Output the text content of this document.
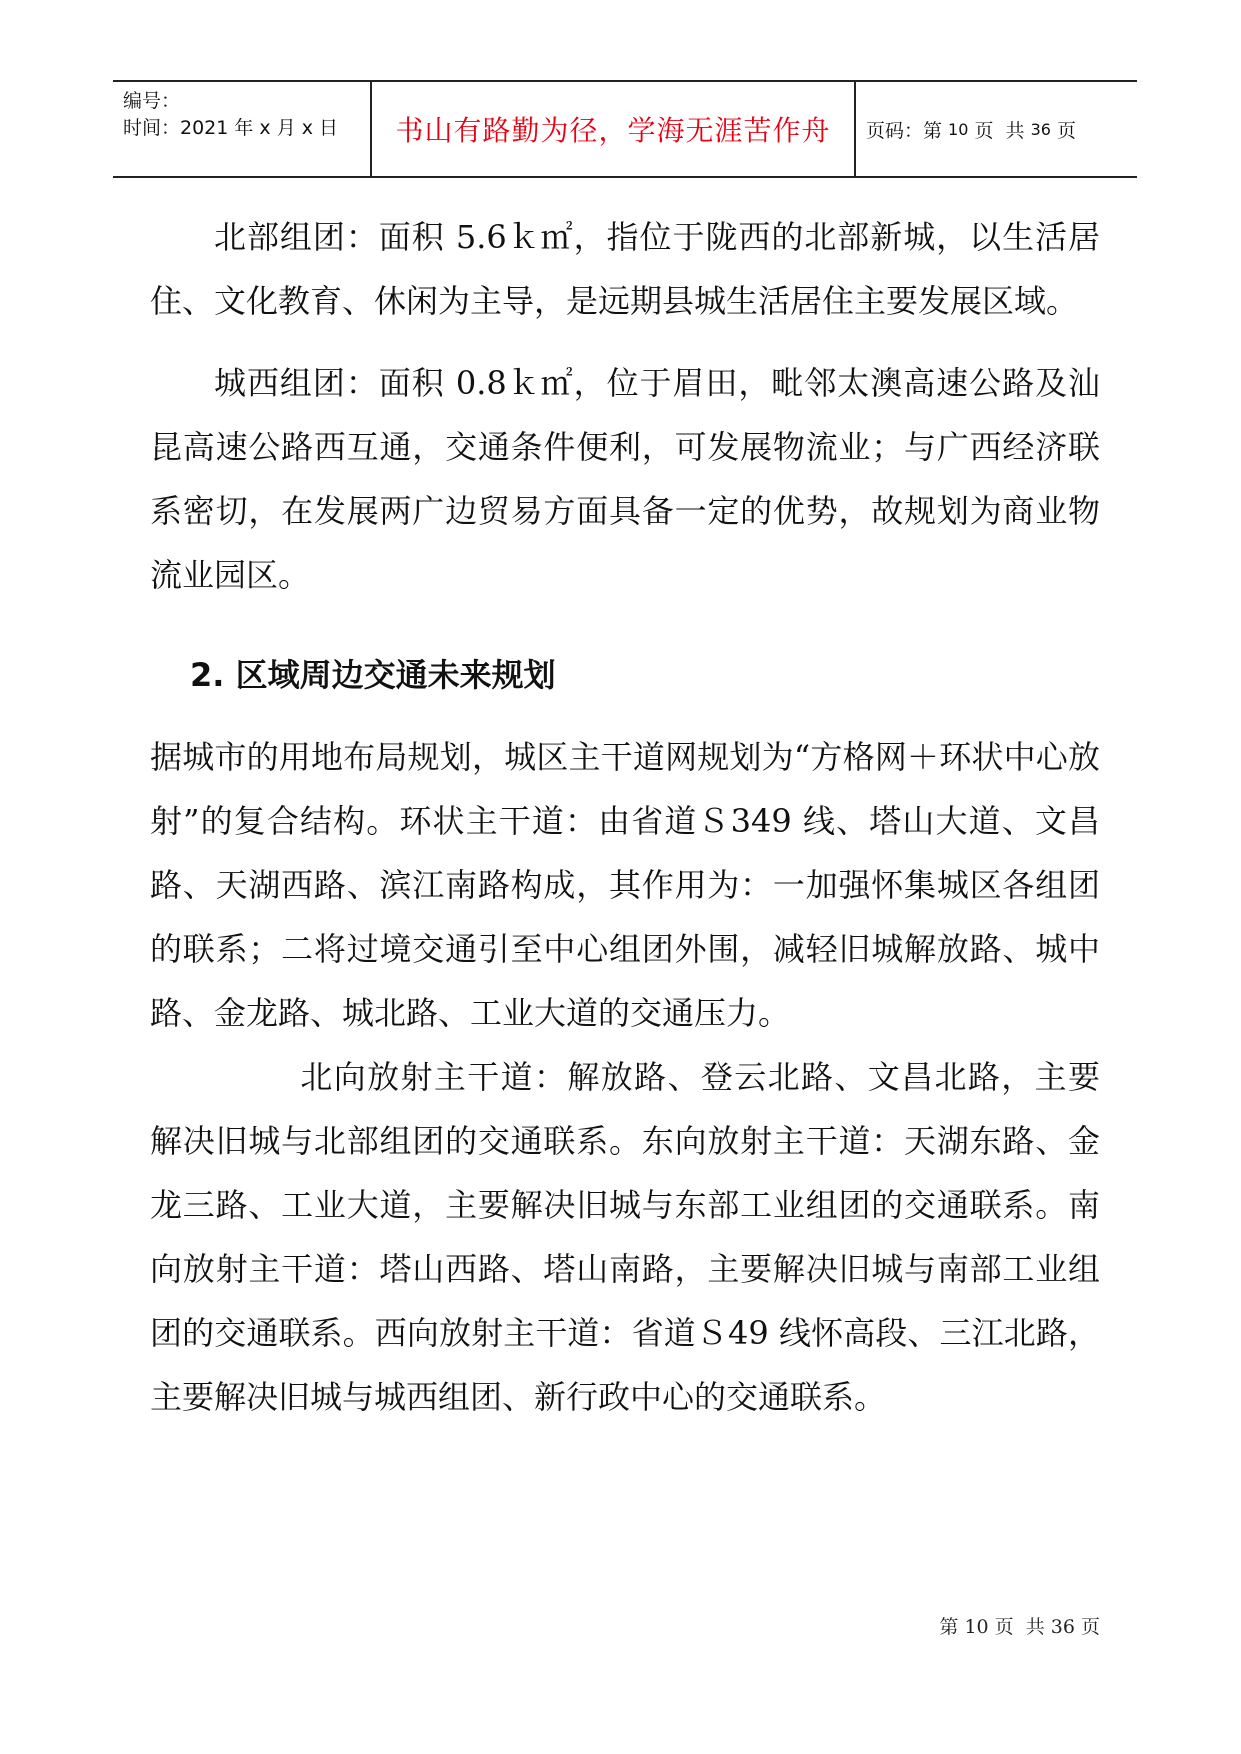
编号：
时间：2021 年 x 月 x 日	书山有路勤为径，学海无涯苦作舟	页码：第 10 页  共 36 页

北部组团：面积 5.6ｋ㎡，指位于陇西的北部新城，以生活居住、文化教育、休闲为主导，是远期县城生活居住主要发展区域。

城西组团：面积 0.8ｋ㎡，位于眉田，毗邻太澳高速公路及汕昆高速公路西互通，交通条件便利，可发展物流业；与广西经济联系密切，在发展两广边贸易方面具备一定的优势，故规划为商业物流业园区。

2. 区域周边交通未来规划

据城市的用地布局规划，城区主干道网规划为“方格网＋环状中心放射”的复合结构。环状主干道：由省道Ｓ349 线、塔山大道、文昌路、天湖西路、滨江南路构成，其作用为：一加强怀集城区各组团的联系；二将过境交通引至中心组团外围，减轻旧城解放路、城中路、金龙路、城北路、工业大道的交通压力。

北向放射主干道：解放路、登云北路、文昌北路，主要解决旧城与北部组团的交通联系。东向放射主干道：天湖东路、金龙三路、工业大道，主要解决旧城与东部工业组团的交通联系。南向放射主干道：塔山西路、塔山南路，主要解决旧城与南部工业组团的交通联系。西向放射主干道：省道Ｓ49 线怀高段、三江北路，主要解决旧城与城西组团、新行政中心的交通联系。

第 10 页  共 36 页
